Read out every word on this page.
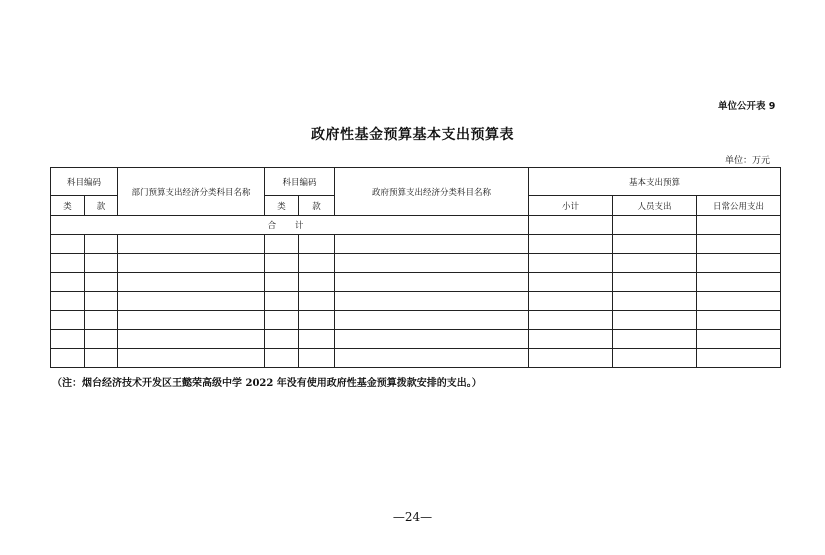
单位公开表 9
政府性基金预算基本支出预算表
单位：万元
科目编码		部门预算支出经济分类科目名称	科目编码		政府预算支出经济分类科目名称	基本支出预算		
类	款		类	款		小计	人员支出	日常公用支出
合 计								

（注：烟台经济技术开发区王懿荣高级中学 2022 年没有使用政府性基金预算拨款安排的支出。）
—24—
